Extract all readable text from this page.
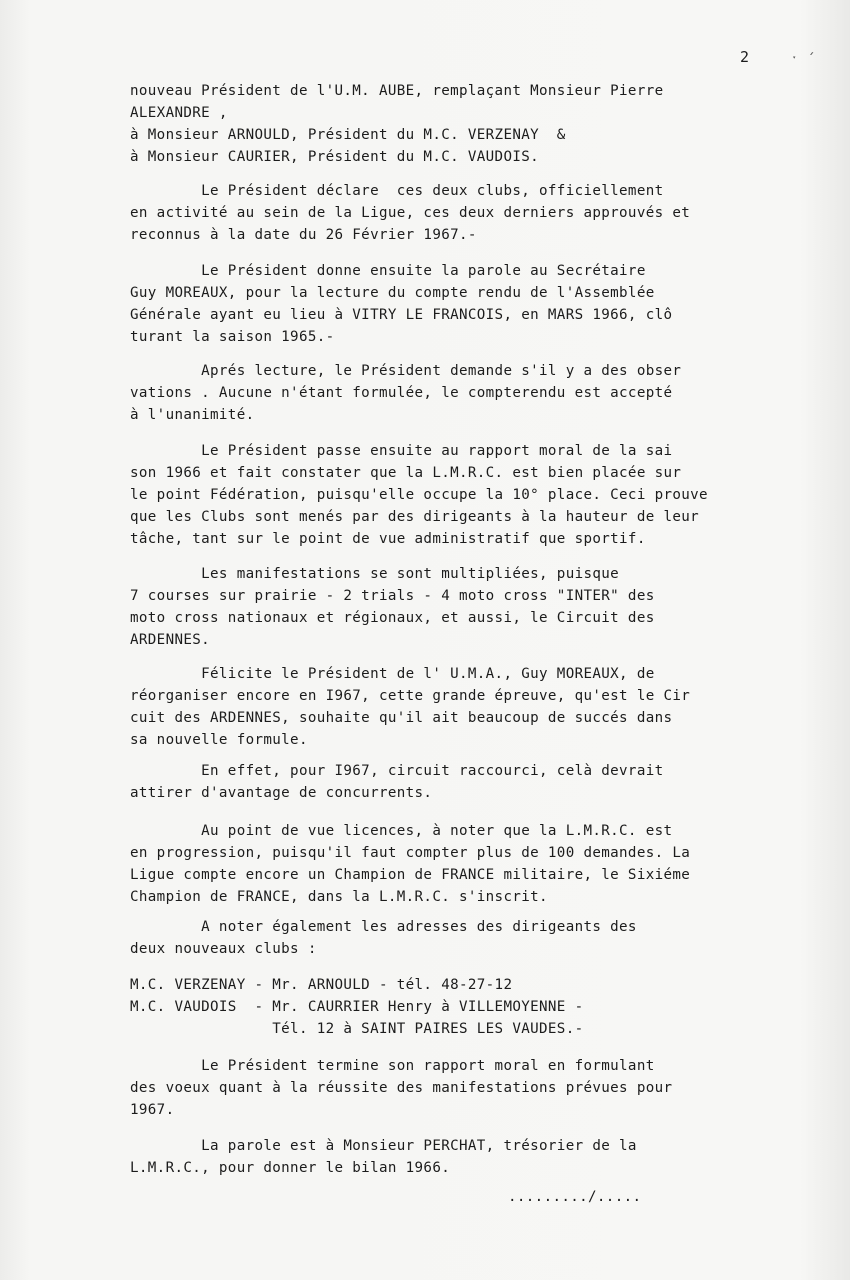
2	ˑ ´
nouveau Président de l'U.M. AUBE, remplaçant Monsieur Pierre
ALEXANDRE ,
à Monsieur ARNOULD, Président du M.C. VERZENAY  &
à Monsieur CAURIER, Président du M.C. VAUDOIS.
Le Président déclare  ces deux clubs, officiellement
en activité au sein de la Ligue, ces deux derniers approuvés et
reconnus à la date du 26 Février 1967.-
Le Président donne ensuite la parole au Secrétaire
Guy MOREAUX, pour la lecture du compte rendu de l'Assemblée
Générale ayant eu lieu à VITRY LE FRANCOIS, en MARS 1966, clô
turant la saison 1965.-
Aprés lecture, le Président demande s'il y a des obser
vations . Aucune n'étant formulée, le compterendu est accepté
à l'unanimité.
Le Président passe ensuite au rapport moral de la sai
son 1966 et fait constater que la L.M.R.C. est bien placée sur
le point Fédération, puisqu'elle occupe la 10° place. Ceci prouve
que les Clubs sont menés par des dirigeants à la hauteur de leur
tâche, tant sur le point de vue administratif que sportif.
Les manifestations se sont multipliées, puisque
7 courses sur prairie - 2 trials - 4 moto cross "INTER" des
moto cross nationaux et régionaux, et aussi, le Circuit des
ARDENNES.
Félicite le Président de l' U.M.A., Guy MOREAUX, de
réorganiser encore en I967, cette grande épreuve, qu'est le Cir
cuit des ARDENNES, souhaite qu'il ait beaucoup de succés dans
sa nouvelle formule.
En effet, pour I967, circuit raccourci, celà devrait
attirer d'avantage de concurrents.
Au point de vue licences, à noter que la L.M.R.C. est
en progression, puisqu'il faut compter plus de 100 demandes. La
Ligue compte encore un Champion de FRANCE militaire, le Sixiéme
Champion de FRANCE, dans la L.M.R.C. s'inscrit.
A noter également les adresses des dirigeants des
deux nouveaux clubs :
M.C. VERZENAY - Mr. ARNOULD - tél. 48-27-12
M.C. VAUDOIS  - Mr. CAURRIER Henry à VILLEMOYENNE -
Tél. 12 à SAINT PAIRES LES VAUDES.-
Le Président termine son rapport moral en formulant
des voeux quant à la réussite des manifestations prévues pour
1967.
La parole est à Monsieur PERCHAT, trésorier de la
L.M.R.C., pour donner le bilan 1966.
........./.....
